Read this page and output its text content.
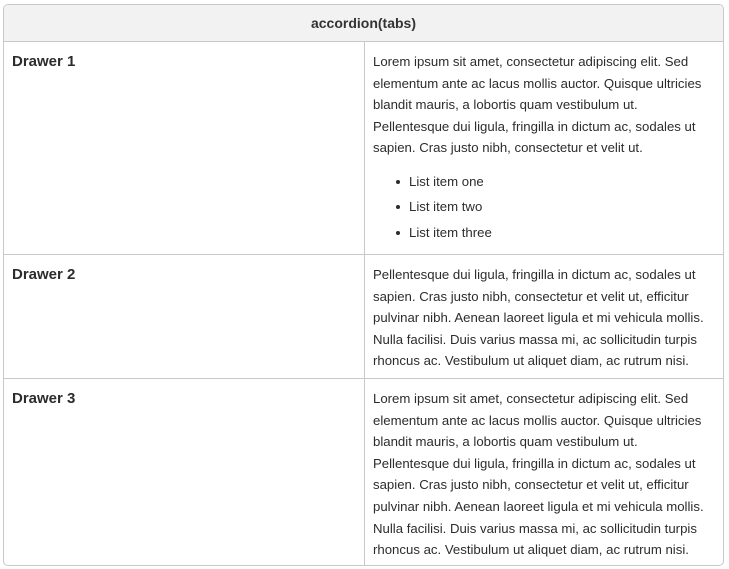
accordion(tabs)
Drawer 1	Lorem ipsum sit amet, consectetur adipiscing elit. Sed elementum ante ac lacus mollis auctor. Quisque ultricies blandit mauris, a lobortis quam vestibulum ut. Pellentesque dui ligula, fringilla in dictum ac, sodales ut sapien. Cras justo nibh, consectetur et velit ut.

List item one
List item two
List item three
Drawer 2	Pellentesque dui ligula, fringilla in dictum ac, sodales ut sapien. Cras justo nibh, consectetur et velit ut, efficitur pulvinar nibh. Aenean laoreet ligula et mi vehicula mollis. Nulla facilisi. Duis varius massa mi, ac sollicitudin turpis rhoncus ac. Vestibulum ut aliquet diam, ac rutrum nisi.

Drawer 3	Lorem ipsum sit amet, consectetur adipiscing elit. Sed elementum ante ac lacus mollis auctor. Quisque ultricies blandit mauris, a lobortis quam vestibulum ut. Pellentesque dui ligula, fringilla in dictum ac, sodales ut sapien. Cras justo nibh, consectetur et velit ut, efficitur pulvinar nibh. Aenean laoreet ligula et mi vehicula mollis. Nulla facilisi. Duis varius massa mi, ac sollicitudin turpis rhoncus ac. Vestibulum ut aliquet diam, ac rutrum nisi.
